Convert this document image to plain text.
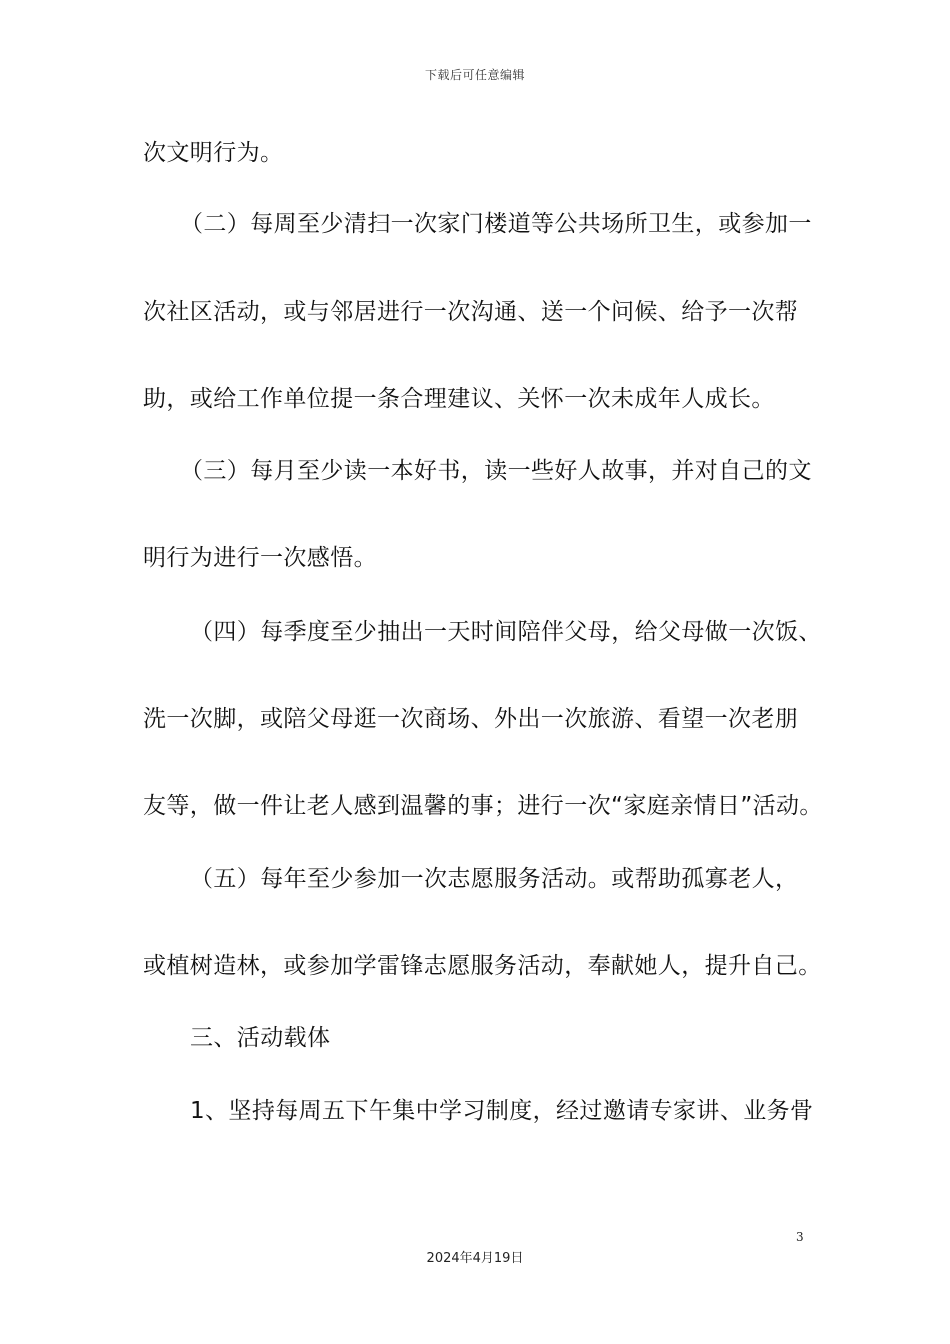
下载后可任意编辑
次文明行为。
（二）每周至少清扫一次家门楼道等公共场所卫生，或参加一
次社区活动，或与邻居进行一次沟通、送一个问候、给予一次帮
助，或给工作单位提一条合理建议、关怀一次未成年人成长。
（三）每月至少读一本好书，读一些好人故事，并对自己的文
明行为进行一次感悟。
（四）每季度至少抽出一天时间陪伴父母，给父母做一次饭、
洗一次脚，或陪父母逛一次商场、外出一次旅游、看望一次老朋
友等，做一件让老人感到温馨的事；进行一次“家庭亲情日”活动。
（五）每年至少参加一次志愿服务活动。或帮助孤寡老人，
或植树造林，或参加学雷锋志愿服务活动，奉献她人，提升自己。
三、活动载体
1、坚持每周五下午集中学习制度，经过邀请专家讲、业务骨
3
2024年4月19日
